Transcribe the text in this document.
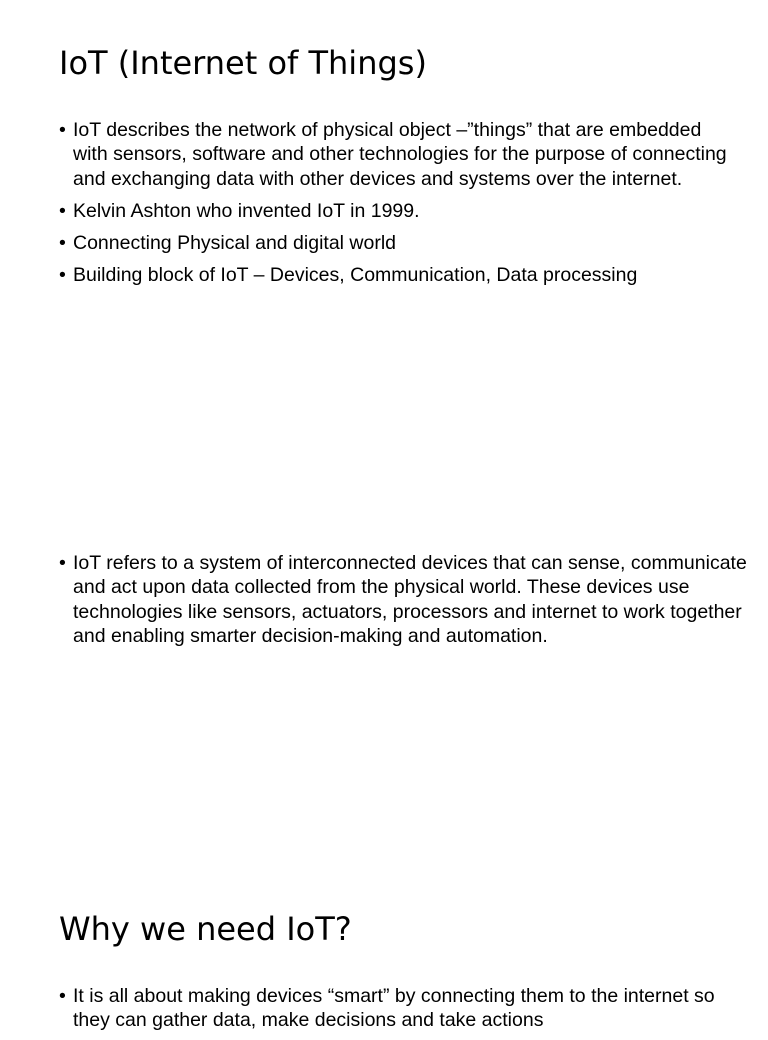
IoT (Internet of Things)
• IoT describes the network of physical object –”things” that are embedded with sensors, software and other technologies for the purpose of connecting and exchanging data with other devices and systems over the internet.
• Kelvin Ashton who invented IoT in 1999.
• Connecting Physical and digital world
• Building block of IoT – Devices, Communication, Data processing
• IoT refers to a system of interconnected devices that can sense, communicate and act upon data collected from the physical world. These devices use technologies like sensors, actuators, processors and internet to work together and enabling smarter decision-making and automation.
Why we need IoT?
• It is all about making devices “smart” by connecting them to the internet so they can gather data, make decisions and take actions
